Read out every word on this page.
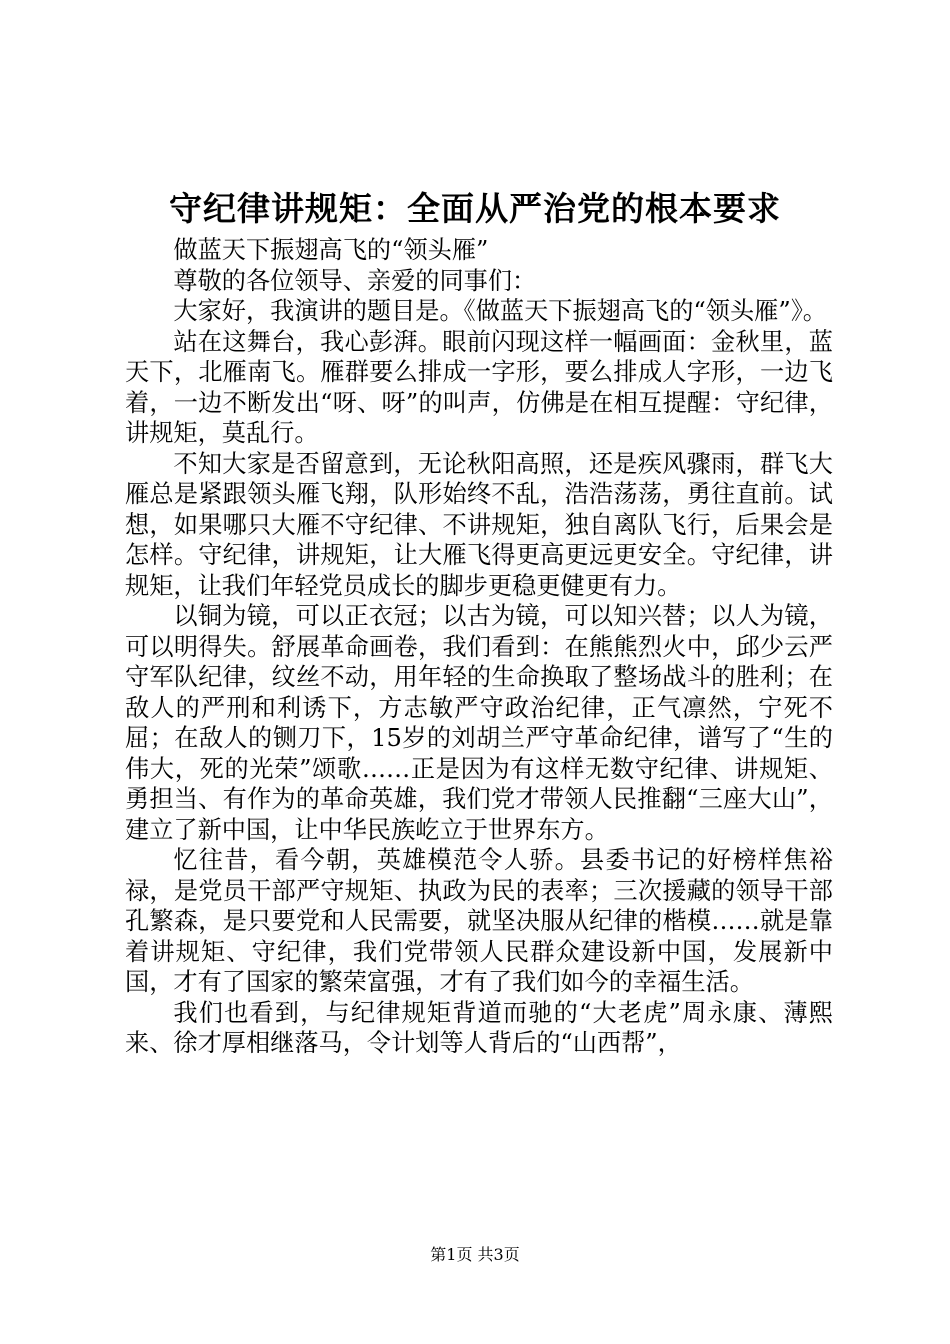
守纪律讲规矩：全面从严治党的根本要求

做蓝天下振翅高飞的“领头雁”

尊敬的各位领导、亲爱的同事们：

大家好，我演讲的题目是。《做蓝天下振翅高飞的“领头雁”》。

站在这舞台，我心彭湃。眼前闪现这样一幅画面：金秋里，蓝天下，北雁南飞。雁群要么排成一字形，要么排成人字形，一边飞着，一边不断发出“呀、呀”的叫声，仿佛是在相互提醒：守纪律，讲规矩，莫乱行。

不知大家是否留意到，无论秋阳高照，还是疾风骤雨，群飞大雁总是紧跟领头雁飞翔，队形始终不乱，浩浩荡荡，勇往直前。试想，如果哪只大雁不守纪律、不讲规矩，独自离队飞行，后果会是怎样。守纪律，讲规矩，让大雁飞得更高更远更安全。守纪律，讲规矩，让我们年轻党员成长的脚步更稳更健更有力。

以铜为镜，可以正衣冠；以古为镜，可以知兴替；以人为镜，可以明得失。舒展革命画卷，我们看到：在熊熊烈火中，邱少云严守军队纪律，纹丝不动，用年轻的生命换取了整场战斗的胜利；在敌人的严刑和利诱下，方志敏严守政治纪律，正气凛然，宁死不屈；在敌人的铡刀下，15岁的刘胡兰严守革命纪律，谱写了“生的伟大，死的光荣”颂歌……正是因为有这样无数守纪律、讲规矩、勇担当、有作为的革命英雄，我们党才带领人民推翻“三座大山”，建立了新中国，让中华民族屹立于世界东方。

忆往昔，看今朝，英雄模范令人骄。县委书记的好榜样焦裕禄，是党员干部严守规矩、执政为民的表率；三次援藏的领导干部孔繁森，是只要党和人民需要，就坚决服从纪律的楷模……就是靠着讲规矩、守纪律，我们党带领人民群众建设新中国，发展新中国，才有了国家的繁荣富强，才有了我们如今的幸福生活。

我们也看到，与纪律规矩背道而驰的“大老虎”周永康、薄熙来、徐才厚相继落马，令计划等人背后的“山西帮”，

第1页 共3页
